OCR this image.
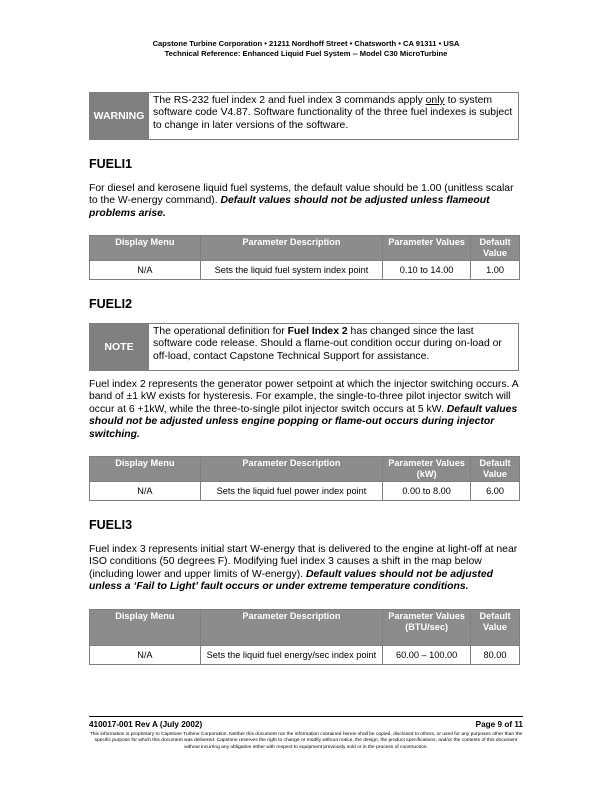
Capstone Turbine Corporation • 21211 Nordhoff Street • Chatsworth • CA 91311 • USA
Technical Reference: Enhanced Liquid Fuel System -- Model C30 MicroTurbine
WARNING
The RS-232 fuel index 2 and fuel index 3 commands apply only to system software code V4.87. Software functionality of the three fuel indexes is subject to change in later versions of the software.
FUELI1

For diesel and kerosene liquid fuel systems, the default value should be 1.00 (unitless scalar to the W-energy command). Default values should not be adjusted unless flameout problems arise.

Display Menu	Parameter Description	Parameter Values	Default Value
N/A	Sets the liquid fuel system index point	0.10 to 14.00	1.00
FUELI2
NOTE
The operational definition for Fuel Index 2 has changed since the last software code release. Should a flame-out condition occur during on-load or off-load, contact Capstone Technical Support for assistance.

Fuel index 2 represents the generator power setpoint at which the injector switching occurs. A band of ±1 kW exists for hysteresis. For example, the single-to-three pilot injector switch will occur at 6 +1kW, while the three-to-single pilot injector switch occurs at 5 kW. Default values should not be adjusted unless engine popping or flame-out occurs during injector switching.

Display Menu	Parameter Description	Parameter Values (kW)	Default Value
N/A	Sets the liquid fuel power index point	0.00 to 8.00	6.00
FUELI3

Fuel index 3 represents initial start W-energy that is delivered to the engine at light-off at near ISO conditions (50 degrees F). Modifying fuel index 3 causes a shift in the map below (including lower and upper limits of W-energy). Default values should not be adjusted unless a ‘Fail to Light’ fault occurs or under extreme temperature conditions.

Display Menu	Parameter Description	Parameter Values (BTU/sec)	Default Value
N/A	Sets the liquid fuel energy/sec index point	60.00 – 100.00	80.00
410017-001 Rev A (July 2002)	Page 9 of 11
This information is proprietary to Capstone Turbine Corporation. Neither this document nor the information contained herein shall be copied, disclosed to others, or used for any purposes other than the specific purpose for which this document was delivered. Capstone reserves the right to change or modify without notice, the design, the product specifications, and/or the contents of this document without incurring any obligation either with respect to equipment previously sold or in the process of construction.
